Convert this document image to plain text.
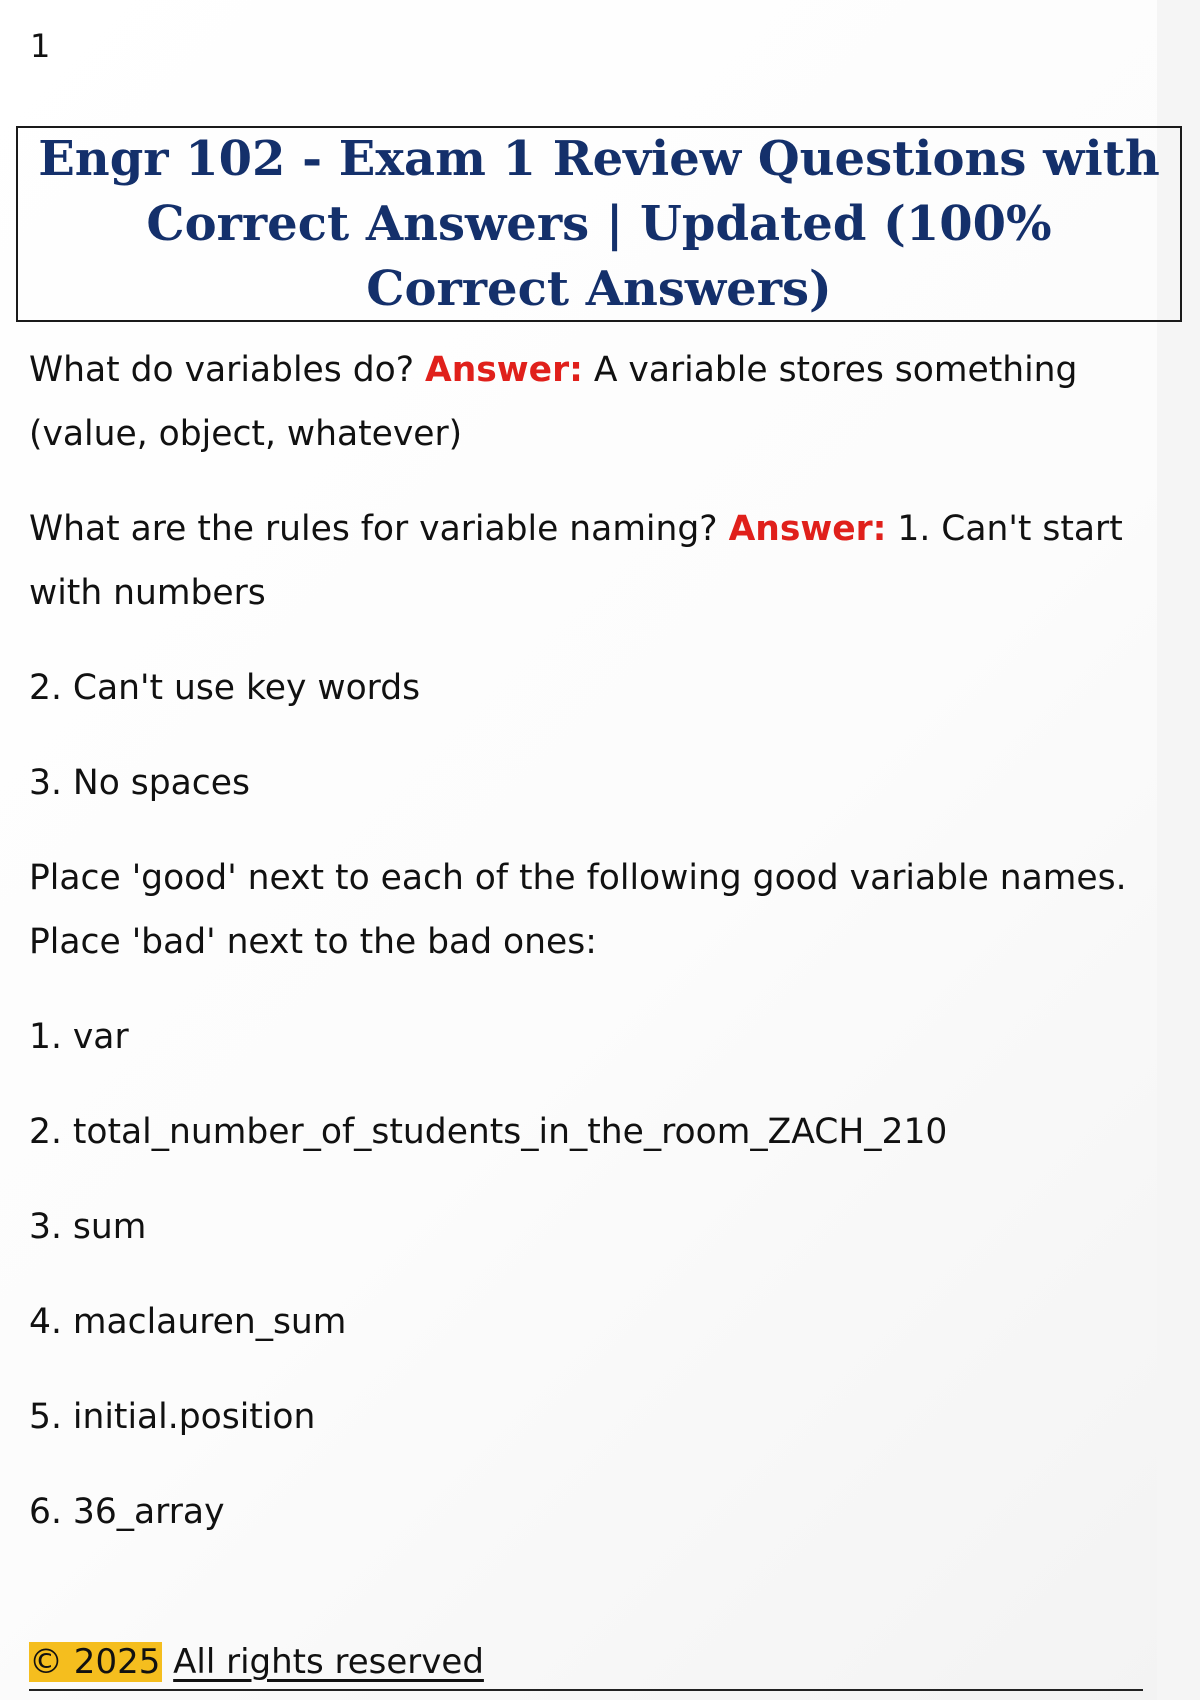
1
Engr 102 - Exam 1 Review Questions with Correct Answers | Updated (100% Correct Answers)

What do variables do? Answer: A variable stores something (value, object, whatever)

What are the rules for variable naming? Answer: 1. Can't start with numbers

2. Can't use key words

3. No spaces

Place 'good' next to each of the following good variable names. Place 'bad' next to the bad ones:

1. var

2. total_number_of_students_in_the_room_ZACH_210

3. sum

4. maclauren_sum

5. initial.position

6. 36_array

© 2025 All rights reserved
